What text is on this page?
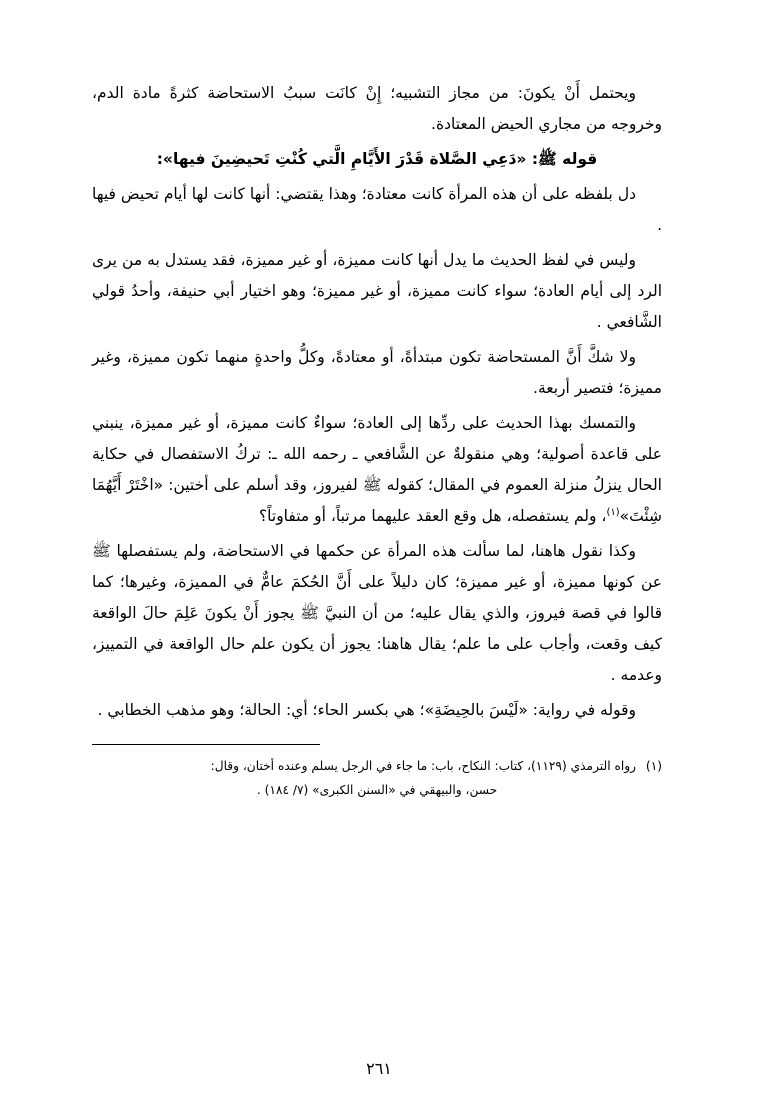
ويحتمل أَنْ يكونَ: من مجاز التشبيه؛ إِنْ كانَت سببُ الاستحاضة كثرةً مادة الدم، وخروجه من مجاري الحيض المعتادة.

قوله ﷺ: «دَعِي الصَّلاة قَدْرَ الأَيَّامِ الَّتي كُنْتِ تَحيضِينَ فيها»:

دل بلفظه على أن هذه المرأة كانت معتادة؛ وهذا يقتضي: أنها كانت لها أيام تحيض فيها .

وليس في لفظ الحديث ما يدل أنها كانت مميزة، أو غير مميزة، فقد يستدل به من يرى الرد إلى أيام العادة؛ سواء كانت مميزة، أو غير مميزة؛ وهو اختيار أبي حنيفة، وأحدُ قولي الشَّافعي .

ولا شكَّ أَنَّ المستحاضة تكون مبتدأةً، أو معتادةً، وكلُّ واحدةٍ منهما تكون مميزة، وغير مميزة؛ فتصير أربعة.

والتمسك بهذا الحديث على ردِّها إلى العادة؛ سواءٌ كانت مميزة، أو غير مميزة، ينبني على قاعدة أصولية؛ وهي منقولةٌ عن الشَّافعي ـ رحمه الله ـ: تركُ الاستفصال في حكاية الحال ينزلُ منزلة العموم في المقال؛ كقوله ﷺ لفيروز، وقد أسلم على أختين: «اخْتَرْ أَيَّهُمَا شِئْتَ»$^{(١)}$، ولم يستفصله، هل وقع العقد عليهما مرتباً، أو متفاوتاً؟

وكذا نقول هاهنا، لما سألت هذه المرأة عن حكمها في الاستحاضة، ولم يستفصلها ﷺ عن كونها مميزة، أو غير مميزة؛ كان دليلاً على أَنَّ الحُكمَ عامٌّ في المميزة، وغيرها؛ كما قالوا في قصة فيروز، والذي يقال عليه؛ من أن النبيَّ ﷺ يجوز أَنْ يكونَ عَلِمَ حالَ الواقعة كيف وقعت، وأجاب على ما علم؛ يقال هاهنا: يجوز أن يكون علم حال الواقعة في التمييز، وعدمه .

وقوله في رواية: «لَيْسَ بالحِيضَةِ»؛ هي بكسر الحاء؛ أي: الحالة؛ وهو مذهب الخطابي .

(١)رواه الترمذي (١١٢٩)، كتاب: النكاح، باب: ما جاء في الرجل يسلم وعنده أختان، وقال:

حسن، والبيهقي في «السنن الكبرى» (٧/ ١٨٤) .

٢٦١
